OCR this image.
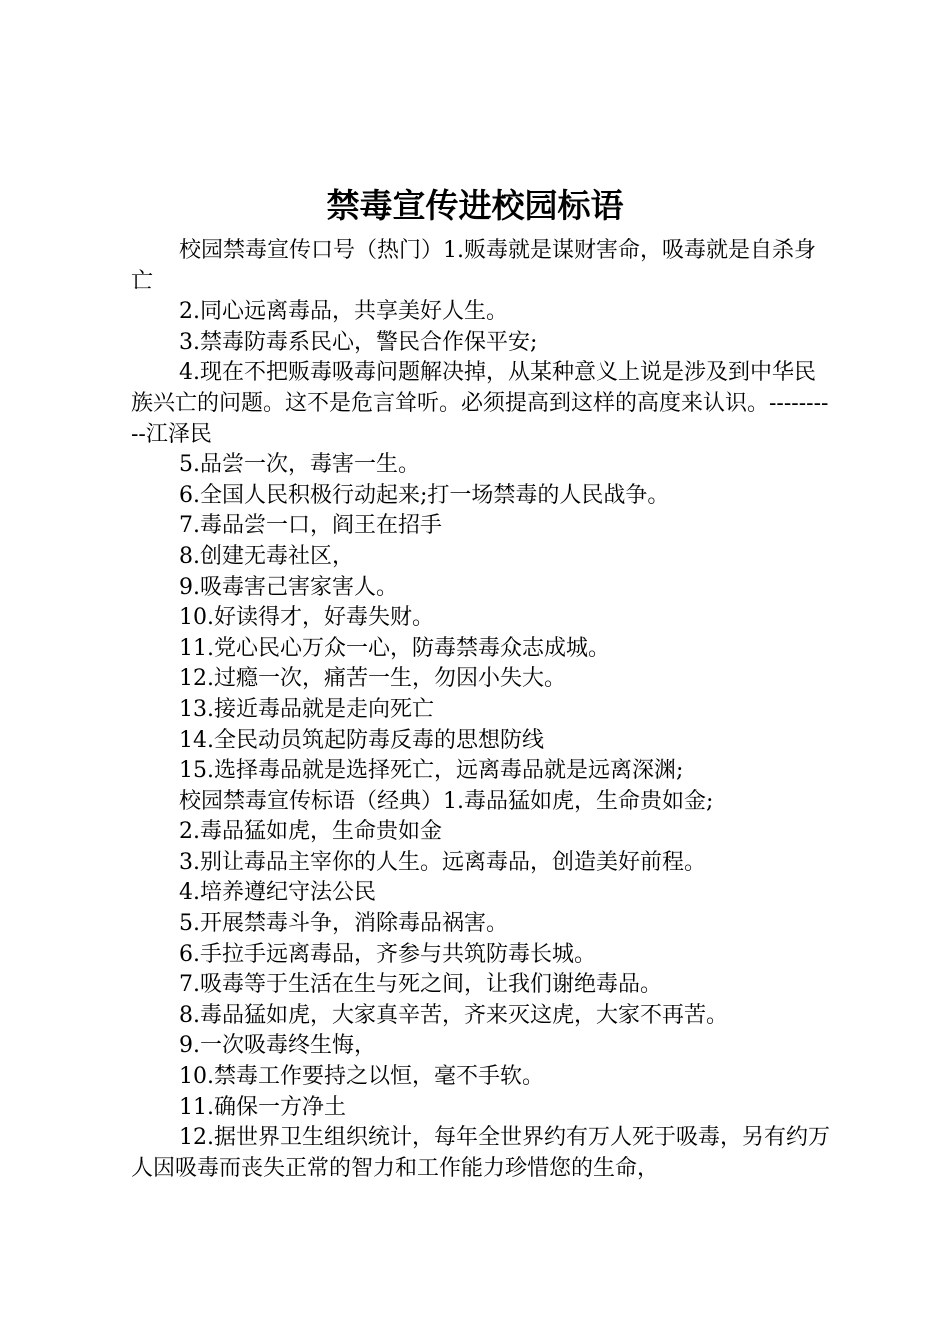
禁毒宣传进校园标语

校园禁毒宣传口号（热门）1.贩毒就是谋财害命，吸毒就是自杀身亡

2.同心远离毒品，共享美好人生。

3.禁毒防毒系民心，警民合作保平安;

4.现在不把贩毒吸毒问题解决掉，从某种意义上说是涉及到中华民族兴亡的问题。这不是危言耸听。必须提高到这样的高度来认识。----------江泽民

5.品尝一次，毒害一生。

6.全国人民积极行动起来;打一场禁毒的人民战争。

7.毒品尝一口，阎王在招手

8.创建无毒社区，

9.吸毒害己害家害人。

10.好读得才，好毒失财。

11.党心民心万众一心，防毒禁毒众志成城。

12.过瘾一次，痛苦一生，勿因小失大。

13.接近毒品就是走向死亡

14.全民动员筑起防毒反毒的思想防线

15.选择毒品就是选择死亡，远离毒品就是远离深渊;

校园禁毒宣传标语（经典）1.毒品猛如虎，生命贵如金;

2.毒品猛如虎，生命贵如金

3.别让毒品主宰你的人生。远离毒品，创造美好前程。

4.培养遵纪守法公民

5.开展禁毒斗争，消除毒品祸害。

6.手拉手远离毒品，齐参与共筑防毒长城。

7.吸毒等于生活在生与死之间，让我们谢绝毒品。

8.毒品猛如虎，大家真辛苦，齐来灭这虎，大家不再苦。

9.一次吸毒终生悔，

10.禁毒工作要持之以恒，毫不手软。

11.确保一方净土

12.据世界卫生组织统计，每年全世界约有万人死于吸毒，另有约万人因吸毒而丧失正常的智力和工作能力珍惜您的生命，
